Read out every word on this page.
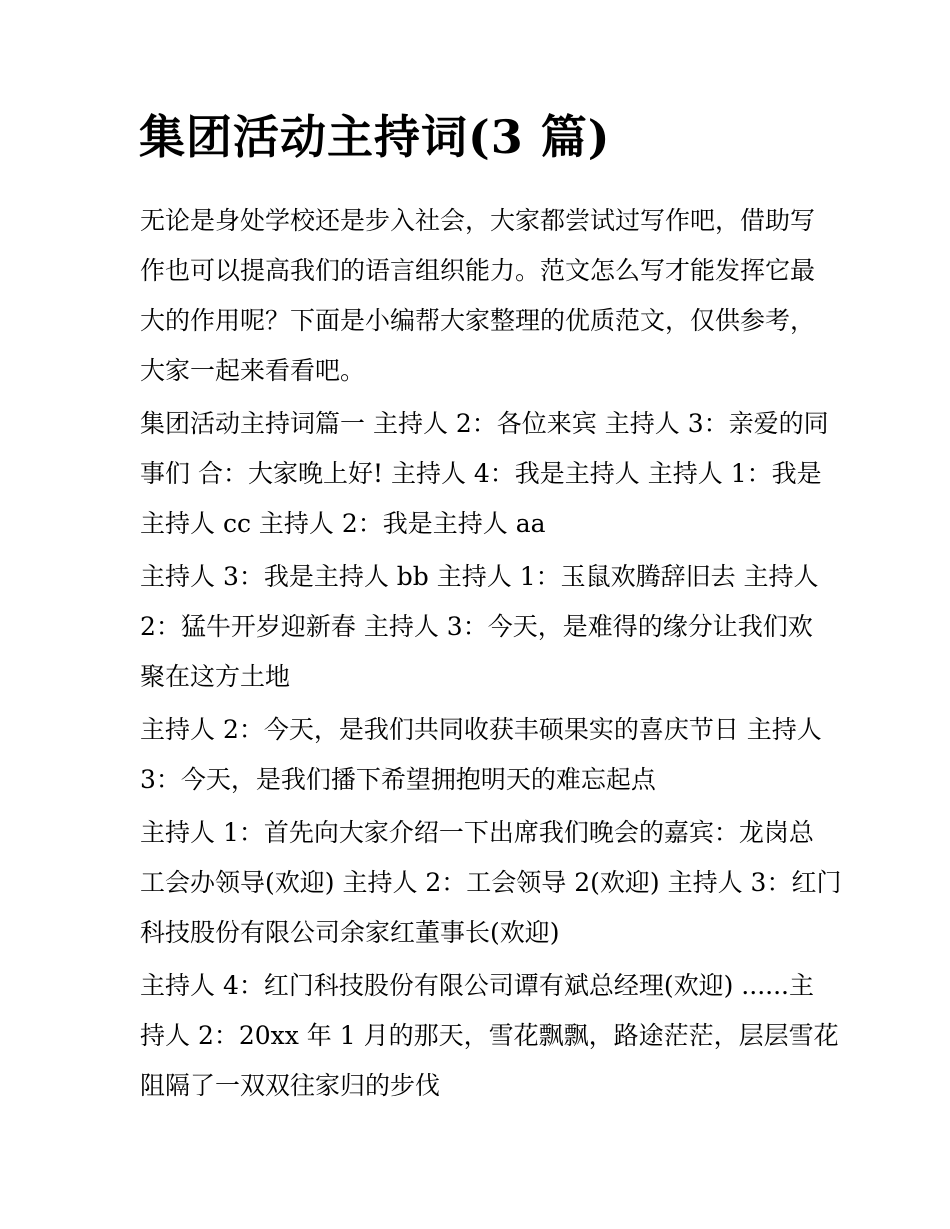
集团活动主持词(3 篇)
无论是身处学校还是步入社会，大家都尝试过写作吧，借助写
作也可以提高我们的语言组织能力。范文怎么写才能发挥它最
大的作用呢？下面是小编帮大家整理的优质范文，仅供参考，
大家一起来看看吧。
集团活动主持词篇一 主持人 2：各位来宾 主持人 3：亲爱的同
事们 合：大家晚上好! 主持人 4：我是主持人 主持人 1：我是
主持人 cc 主持人 2：我是主持人 aa
主持人 3：我是主持人 bb 主持人 1：玉鼠欢腾辞旧去 主持人
2：猛牛开岁迎新春 主持人 3：今天，是难得的缘分让我们欢
聚在这方土地
主持人 2：今天，是我们共同收获丰硕果实的喜庆节日 主持人
3：今天，是我们播下希望拥抱明天的难忘起点
主持人 1：首先向大家介绍一下出席我们晚会的嘉宾：龙岗总
工会办领导(欢迎) 主持人 2：工会领导 2(欢迎) 主持人 3：红门
科技股份有限公司余家红董事长(欢迎)
主持人 4：红门科技股份有限公司谭有斌总经理(欢迎) ......主
持人 2：20xx 年 1 月的那天，雪花飘飘，路途茫茫，层层雪花
阻隔了一双双往家归的步伐
